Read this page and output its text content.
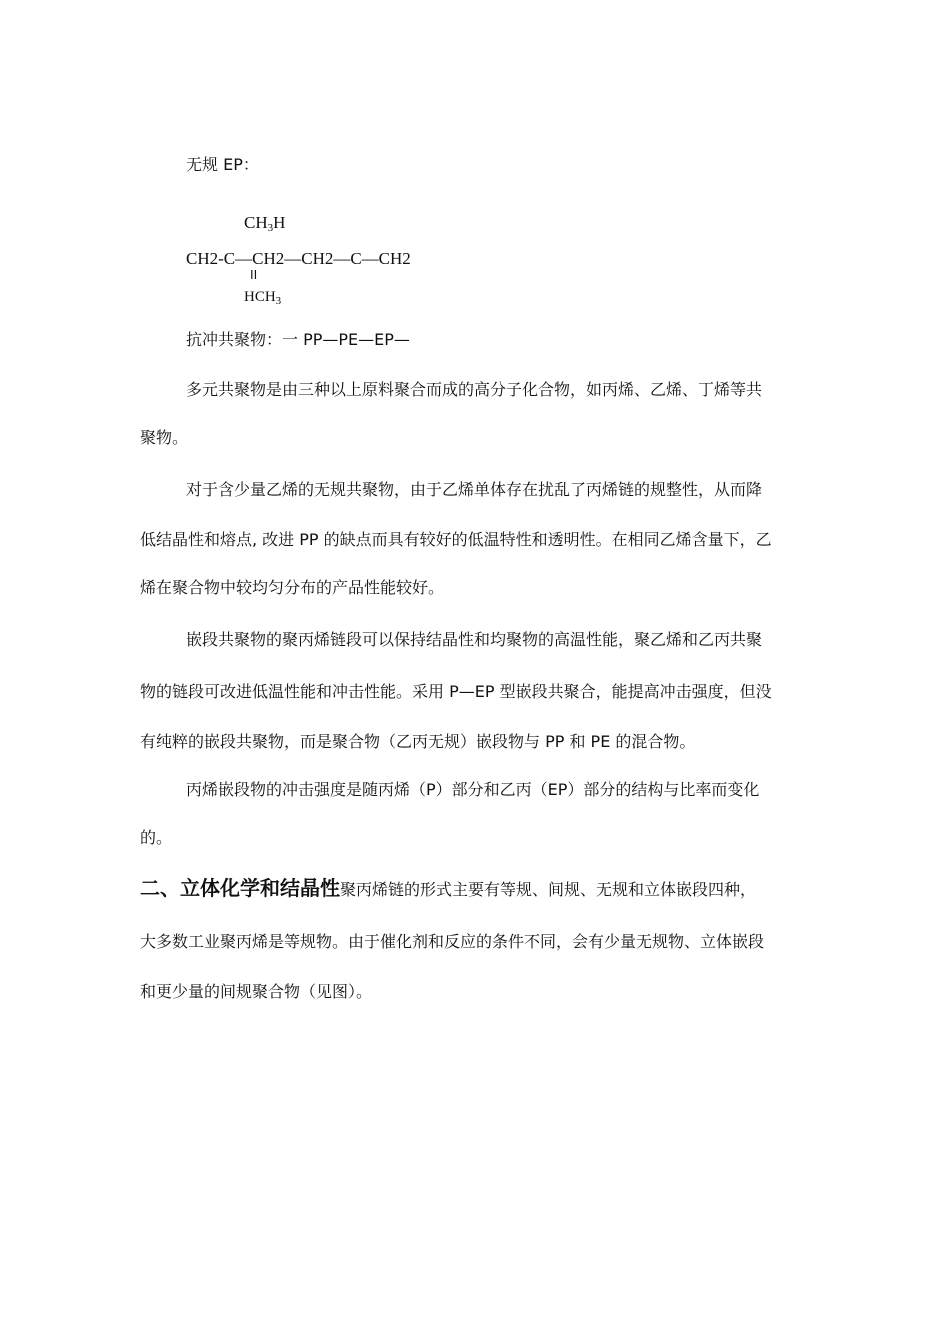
无规 EP：
$CH_3H$
CH2-C—CH2—CH2—C—CH2
II
$HCH_3$
抗冲共聚物：一 PP—PE—EP—
多元共聚物是由三种以上原料聚合而成的高分子化合物，如丙烯、乙烯、丁烯等共
聚物。
对于含少量乙烯的无规共聚物，由于乙烯单体存在扰乱了丙烯链的规整性，从而降
低结晶性和熔点, 改进 PP 的缺点而具有较好的低温特性和透明性。在相同乙烯含量下，乙
烯在聚合物中较均匀分布的产品性能较好。
嵌段共聚物的聚丙烯链段可以保持结晶性和均聚物的高温性能，聚乙烯和乙丙共聚
物的链段可改进低温性能和冲击性能。采用 P—EP 型嵌段共聚合，能提高冲击强度，但没
有纯粹的嵌段共聚物，而是聚合物（乙丙无规）嵌段物与 PP 和 PE 的混合物。
丙烯嵌段物的冲击强度是随丙烯（P）部分和乙丙（EP）部分的结构与比率而变化
的。
二、立体化学和结晶性聚丙烯链的形式主要有等规、间规、无规和立体嵌段四种，
大多数工业聚丙烯是等规物。由于催化剂和反应的条件不同，会有少量无规物、立体嵌段
和更少量的间规聚合物（见图）。
